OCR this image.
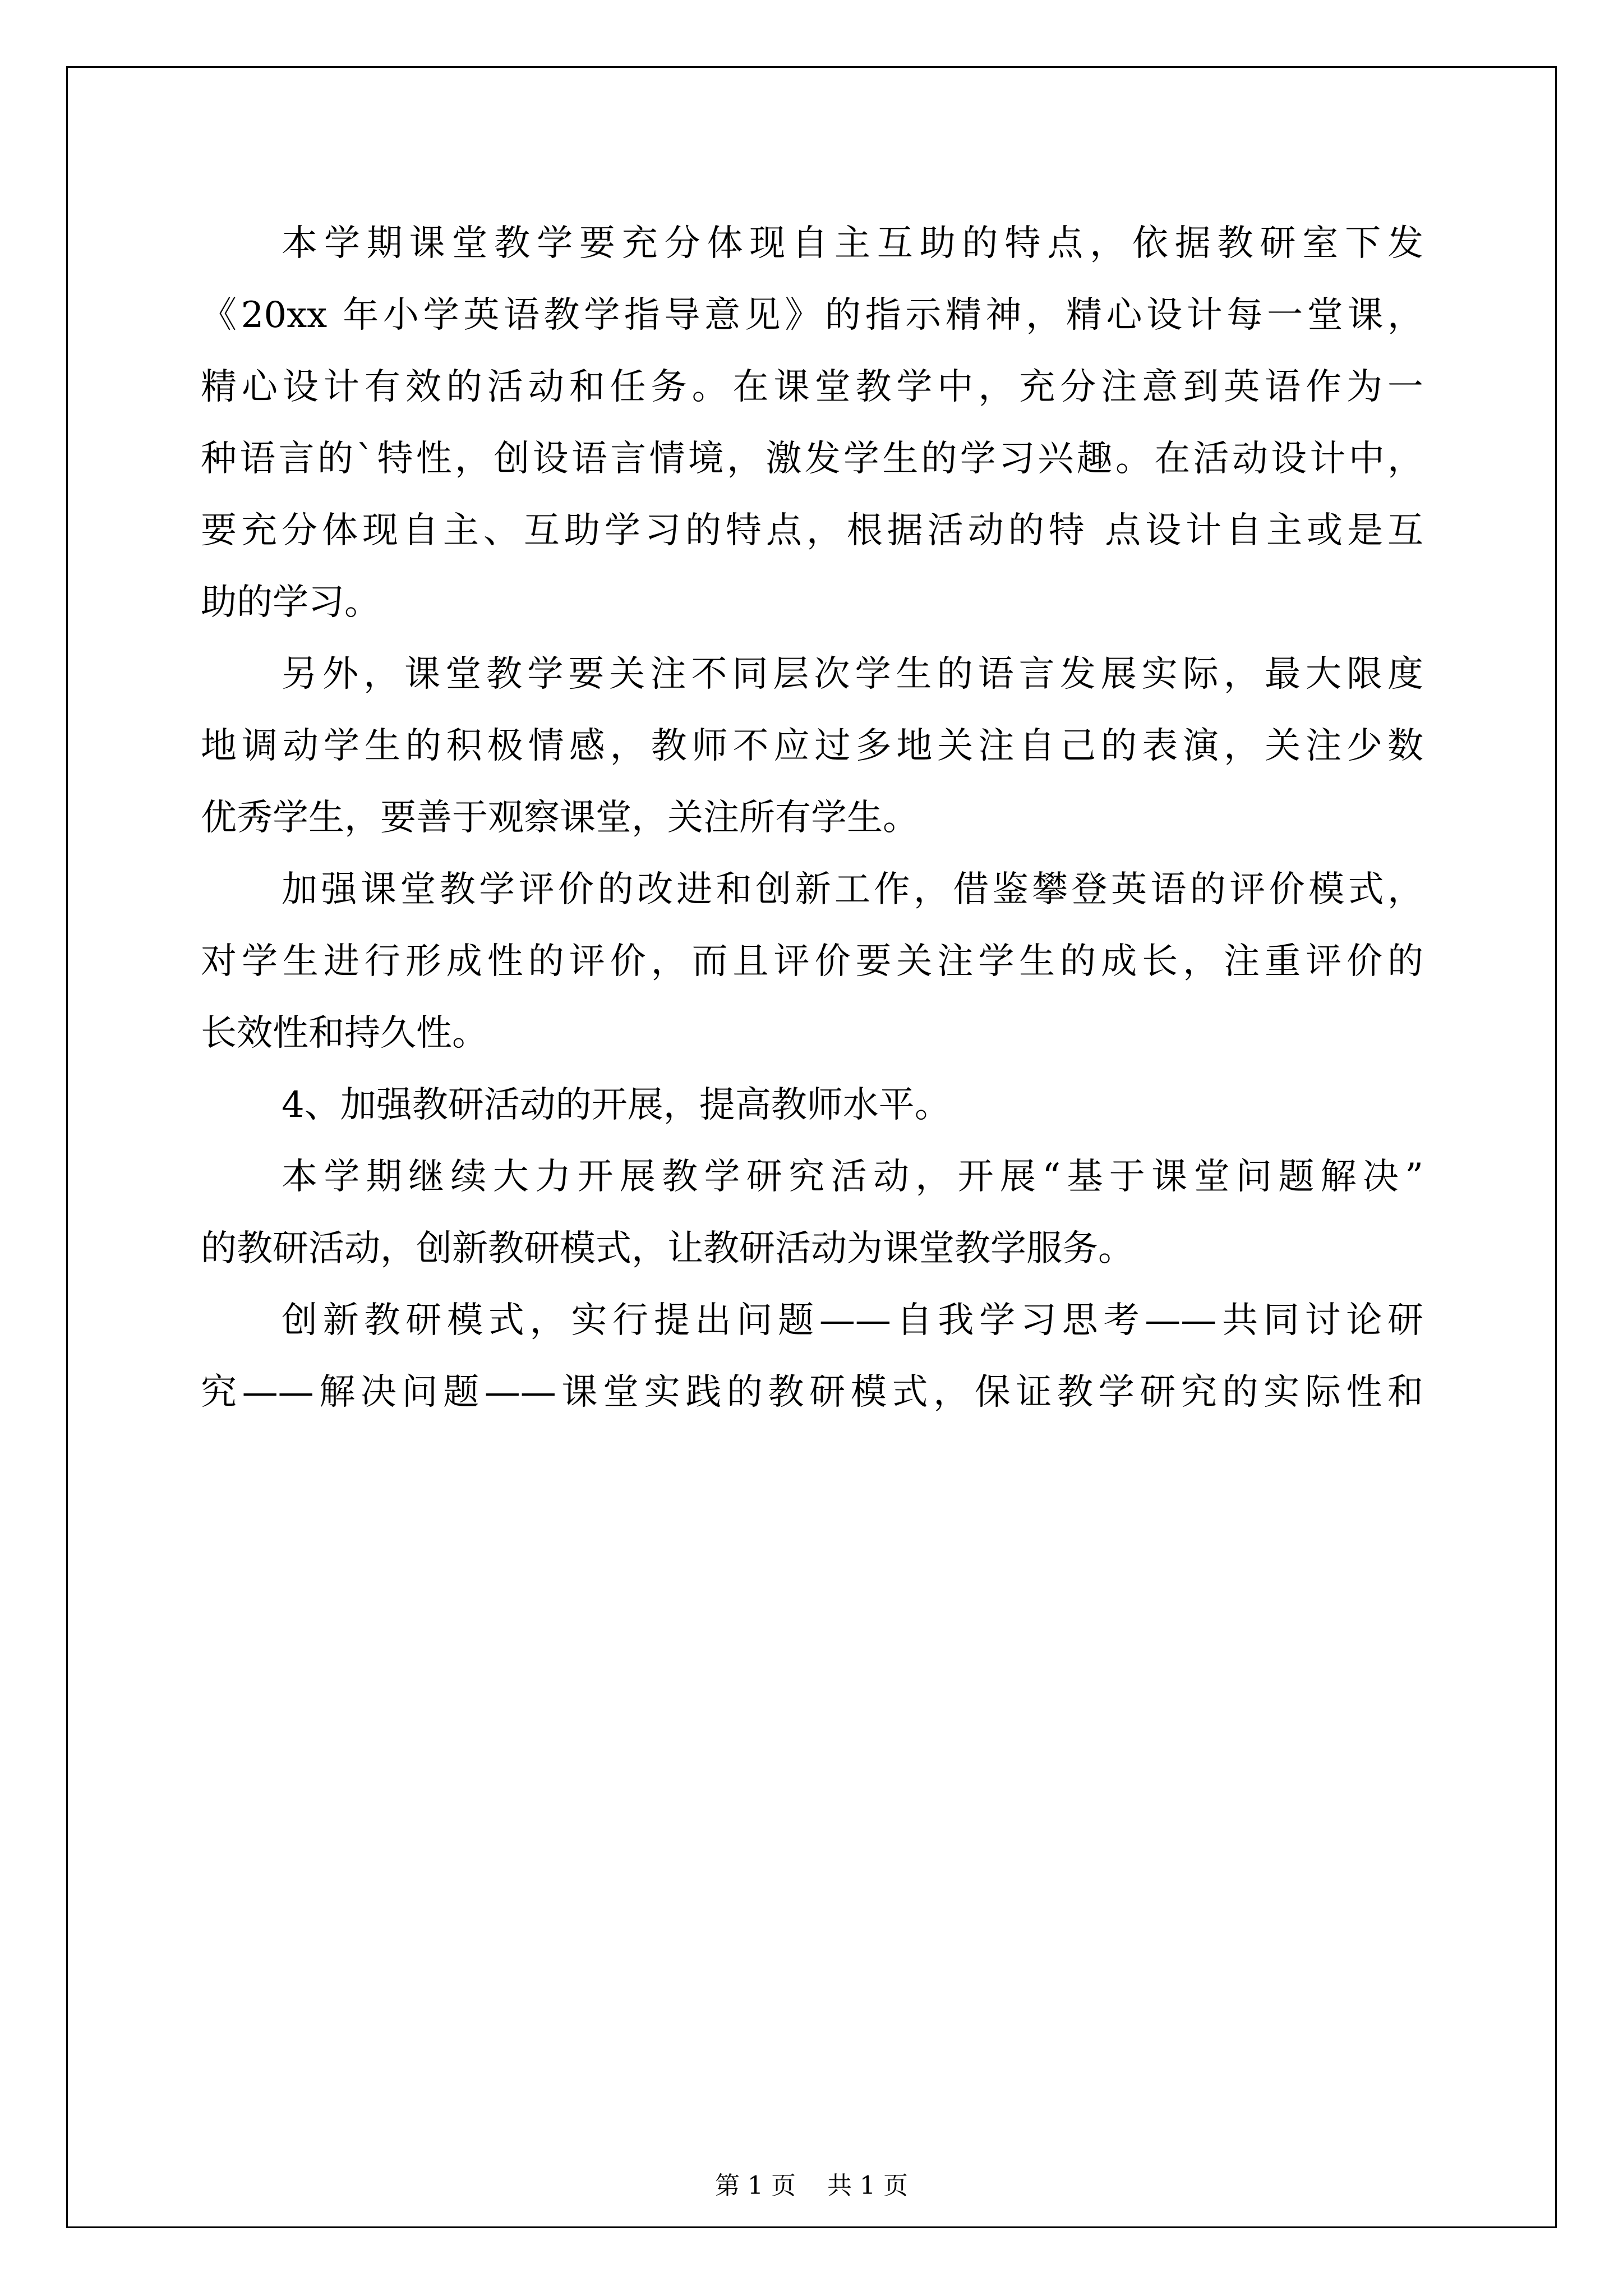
本学期课堂教学要充分体现自主互助的特点，依据教研室下发
《20xx 年小学英语教学指导意见》的指示精神，精心设计每一堂课，
精心设计有效的活动和任务。在课堂教学中，充分注意到英语作为一
种语言的`特性，创设语言情境，激发学生的学习兴趣。在活动设计中，
要充分体现自主、互助学习的特点，根据活动的特 点设计自主或是互
助的学习。
另外，课堂教学要关注不同层次学生的语言发展实际，最大限度
地调动学生的积极情感，教师不应过多地关注自己的表演，关注少数
优秀学生，要善于观察课堂，关注所有学生。
加强课堂教学评价的改进和创新工作，借鉴攀登英语的评价模式，
对学生进行形成性的评价，而且评价要关注学生的成长，注重评价的
长效性和持久性。
4、加强教研活动的开展，提高教师水平。
本学期继续大力开展教学研究活动，开展“基于课堂问题解决”
的教研活动，创新教研模式，让教研活动为课堂教学服务。
创新教研模式，实行提出问题——自我学习思考——共同讨论研
究——解决问题——课堂实践的教研模式，保证教学研究的实际性和
第 1 页 共 1 页
